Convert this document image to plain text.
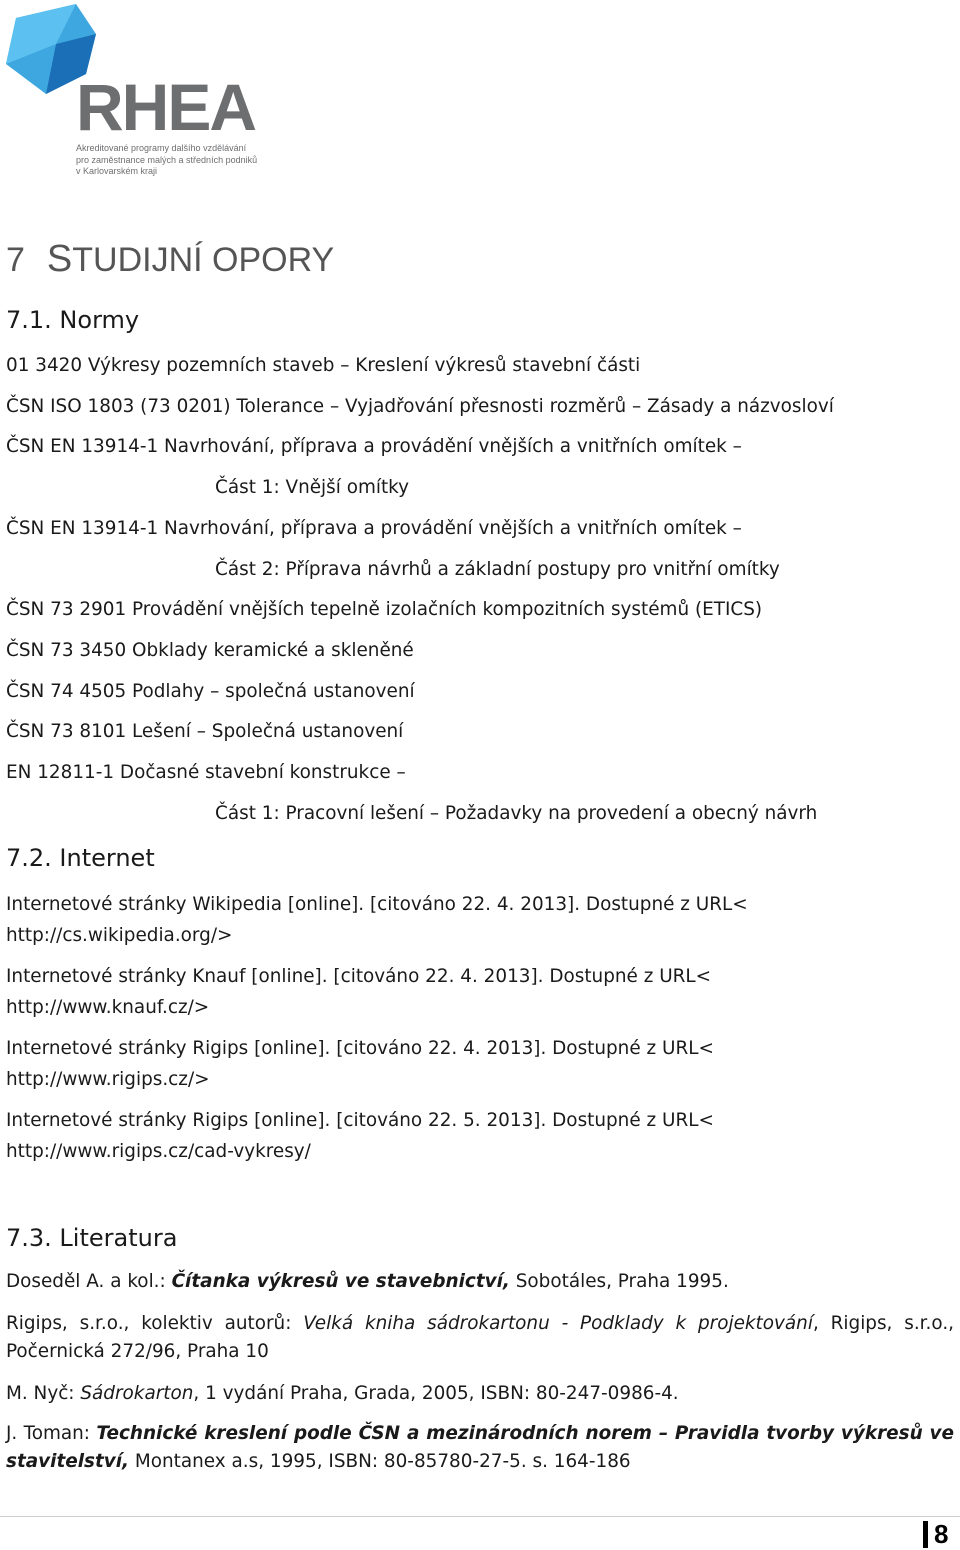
RHEA
Akreditované programy dalšího vzdělávání
pro zaměstnance malých a středních podniků
v Karlovarském kraji
7 STUDIJNÍ OPORY
7.1. Normy
01 3420 Výkresy pozemních staveb – Kreslení výkresů stavební části
ČSN ISO 1803 (73 0201) Tolerance – Vyjadřování přesnosti rozměrů – Zásady a názvosloví
ČSN EN 13914-1 Navrhování, příprava a provádění vnějších a vnitřních omítek –
Část 1: Vnější omítky
ČSN EN 13914-1 Navrhování, příprava a provádění vnějších a vnitřních omítek –
Část 2: Příprava návrhů a základní postupy pro vnitřní omítky
ČSN 73 2901 Provádění vnějších tepelně izolačních kompozitních systémů (ETICS)
ČSN 73 3450 Obklady keramické a skleněné
ČSN 74 4505 Podlahy – společná ustanovení
ČSN 73 8101 Lešení – Společná ustanovení
EN 12811-1 Dočasné stavební konstrukce –
Část 1: Pracovní lešení – Požadavky na provedení a obecný návrh
7.2. Internet
Internetové stránky Wikipedia [online]. [citováno 22. 4. 2013]. Dostupné z URL<
http://cs.wikipedia.org/>
Internetové stránky Knauf [online]. [citováno 22. 4. 2013]. Dostupné z URL<
http://www.knauf.cz/>
Internetové stránky Rigips [online]. [citováno 22. 4. 2013]. Dostupné z URL<
http://www.rigips.cz/>
Internetové stránky Rigips [online]. [citováno 22. 5. 2013]. Dostupné z URL<
http://www.rigips.cz/cad-vykresy/
7.3. Literatura
Doseděl A. a kol.: Čítanka výkresů ve stavebnictví, Sobotáles, Praha 1995.
Rigips, s.r.o., kolektiv autorů: Velká kniha sádrokartonu - Podklady k projektování, Rigips, s.r.o., Počernická 272/96, Praha 10
M. Nyč: Sádrokarton, 1 vydání Praha, Grada, 2005, ISBN: 80-247-0986-4.
J. Toman: Technické kreslení podle ČSN a mezinárodních norem – Pravidla tvorby výkresů ve stavitelství, Montanex a.s, 1995, ISBN: 80-85780-27-5. s. 164-186
8
